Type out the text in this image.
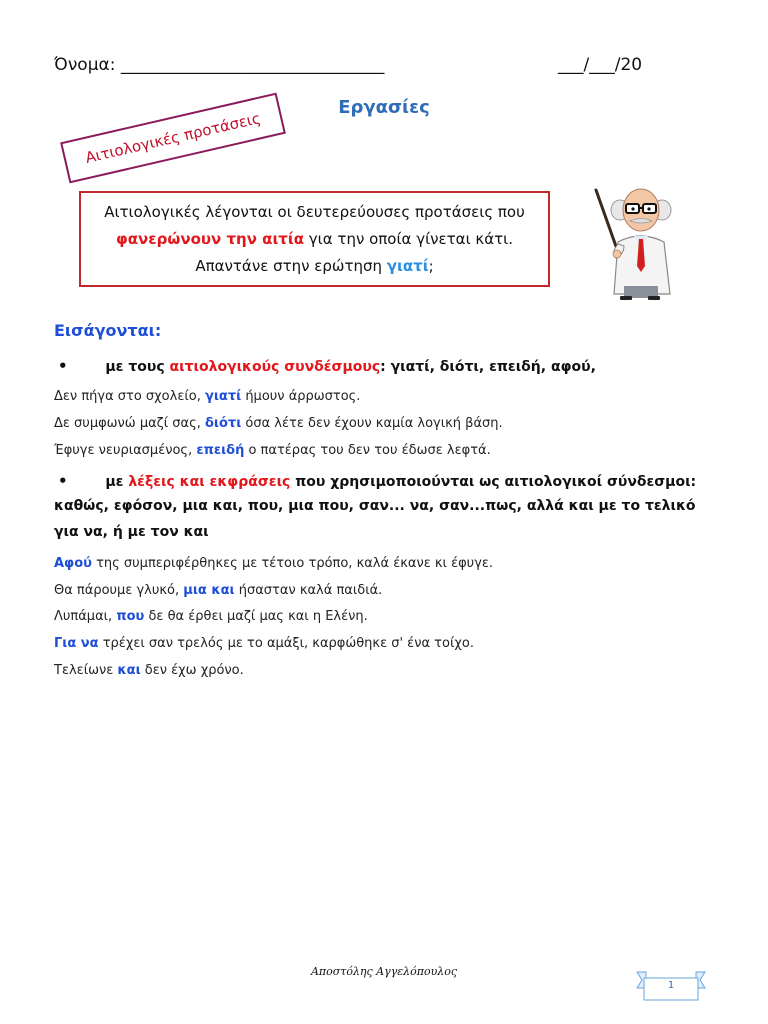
Όνομα: _______________________________	___/___/20
Εργασίες
Αιτιολογικές προτάσεις
Αιτιολογικές λέγονται οι δευτερεύουσες προτάσεις που
φανερώνουν την αιτία για την οποία γίνεται κάτι.
Απαντάνε στην ερώτηση γιατί;
Εισάγονται:
•	με τους αιτιολογικούς συνδέσμους: γιατί, διότι, επειδή, αφού,
Δεν πήγα στο σχολείο, γιατί ήμουν άρρωστος.
Δε συμφωνώ μαζί σας, διότι όσα λέτε δεν έχουν καμία λογική βάση.
Έφυγε νευριασμένος, επειδή ο πατέρας του δεν του έδωσε λεφτά.
•	με λέξεις και εκφράσεις που χρησιμοποιούνται ως αιτιολογικοί σύνδεσμοι:
καθώς, εφόσον, μια και, που, μια που, σαν... να, σαν...πως, αλλά και με το τελικό
για να, ή με τον και
Αφού της συμπεριφέρθηκες με τέτοιο τρόπο, καλά έκανε κι έφυγε.
Θα πάρουμε γλυκό, μια και ήσασταν καλά παιδιά.
Λυπάμαι, που δε θα έρθει μαζί μας και η Ελένη.
Για να τρέχει σαν τρελός με το αμάξι, καρφώθηκε σ' ένα τοίχο.
Τελείωνε και δεν έχω χρόνο.
Αποστόλης Αγγελόπουλος
1
